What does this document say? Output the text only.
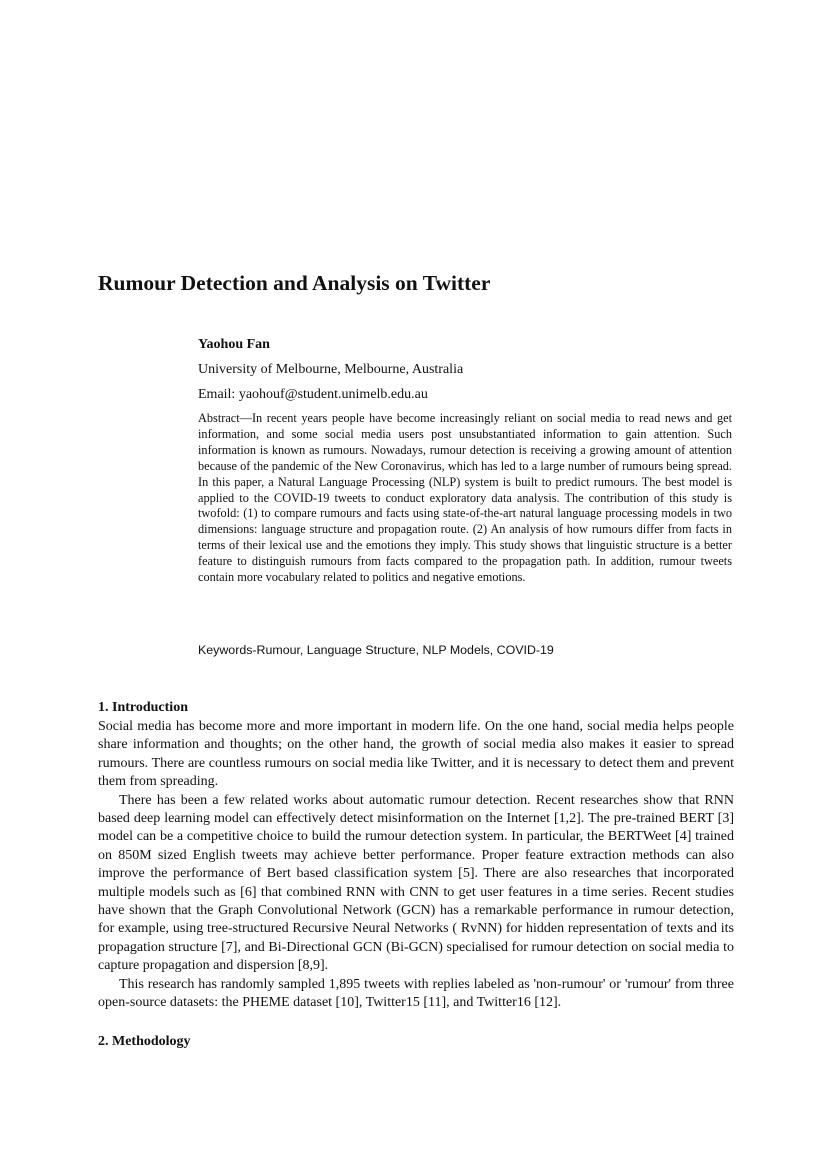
Rumour Detection and Analysis on Twitter

Yaohou Fan

University of Melbourne, Melbourne, Australia

Email: yaohouf@student.unimelb.edu.au

Abstract—In recent years people have become increasingly reliant on social media to read news and get information, and some social media users post unsubstantiated information to gain attention. Such information is known as rumours. Nowadays, rumour detection is receiving a growing amount of attention because of the pandemic of the New Coronavirus, which has led to a large number of rumours being spread. In this paper, a Natural Language Processing (NLP) system is built to predict rumours. The best model is applied to the COVID-19 tweets to conduct exploratory data analysis. The contribution of this study is twofold: (1) to compare rumours and facts using state-of-the-art natural language processing models in two dimensions: language structure and propagation route. (2) An analysis of how rumours differ from facts in terms of their lexical use and the emotions they imply. This study shows that linguistic structure is a better feature to distinguish rumours from facts compared to the propagation path. In addition, rumour tweets contain more vocabulary related to politics and negative emotions.

Keywords-Rumour, Language Structure, NLP Models, COVID-19

1. Introduction

Social media has become more and more important in modern life. On the one hand, social media helps people share information and thoughts; on the other hand, the growth of social media also makes it easier to spread rumours. There are countless rumours on social media like Twitter, and it is necessary to detect them and prevent them from spreading.

There has been a few related works about automatic rumour detection. Recent researches show that RNN based deep learning model can effectively detect misinformation on the Internet [1,2]. The pre-trained BERT [3] model can be a competitive choice to build the rumour detection system. In particular, the BERTWeet [4] trained on 850M sized English tweets may achieve better performance. Proper feature extraction methods can also improve the performance of Bert based classification system [5]. There are also researches that incorporated multiple models such as [6] that combined RNN with CNN to get user features in a time series. Recent studies have shown that the Graph Convolutional Network (GCN) has a remarkable performance in rumour detection, for example, using tree-structured Recursive Neural Networks ( RvNN) for hidden representation of texts and its propagation structure [7], and Bi-Directional GCN (Bi-GCN) specialised for rumour detection on social media to capture propagation and dispersion [8,9].

This research has randomly sampled 1,895 tweets with replies labeled as 'non-rumour' or 'rumour' from three open-source datasets: the PHEME dataset [10], Twitter15 [11], and Twitter16 [12].

2. Methodology
